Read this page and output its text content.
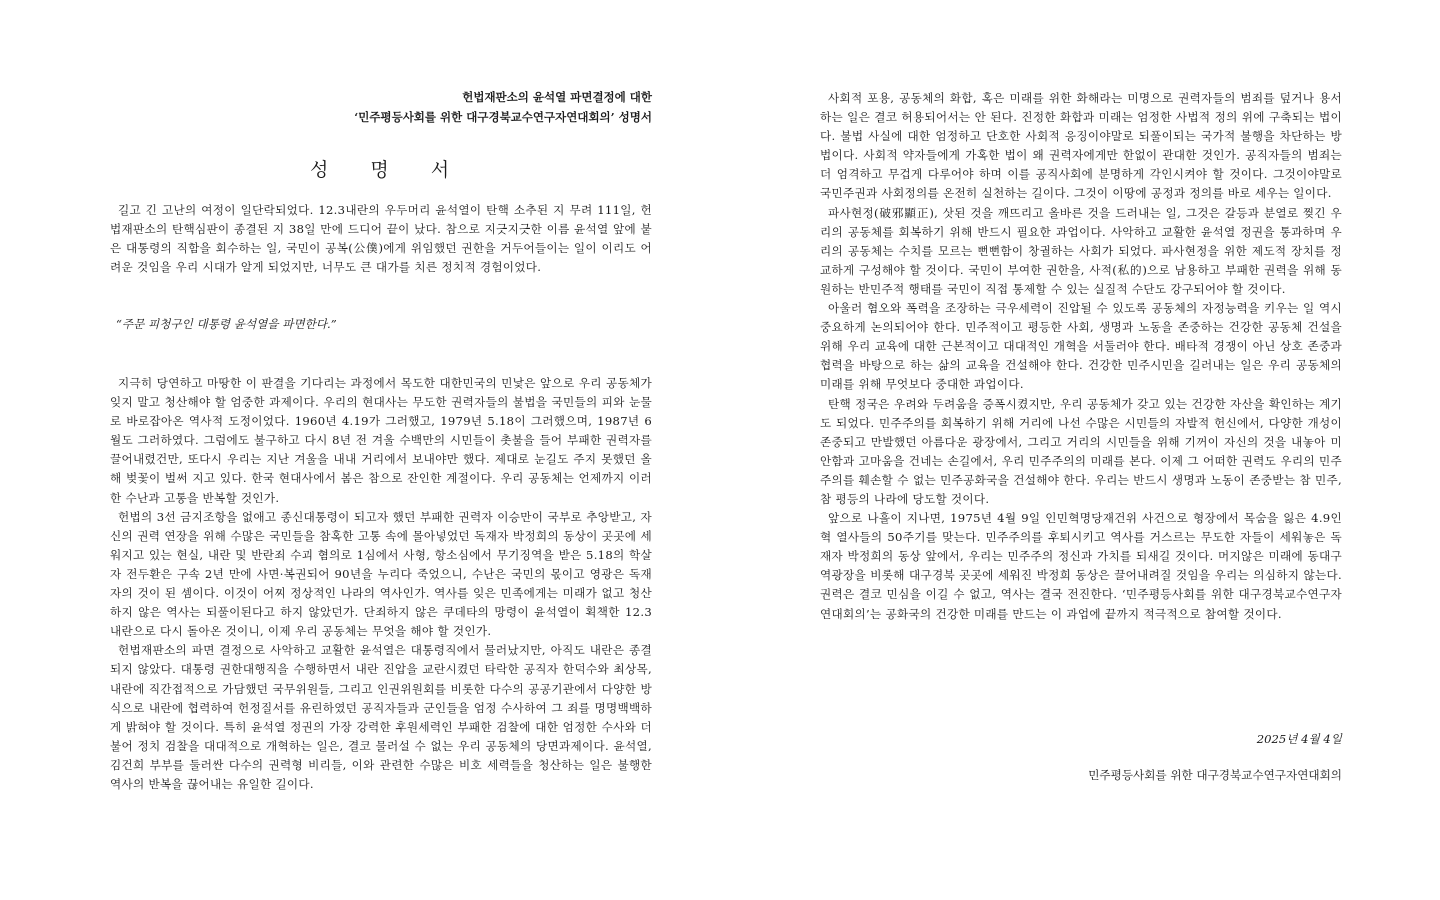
헌법재판소의 윤석열 파면결정에 대한
‘민주평등사회를 위한 대구경북교수연구자연대회의’ 성명서
성 명 서

길고 긴 고난의 여정이 일단락되었다. 12.3내란의 우두머리 윤석열이 탄핵 소추된 지 무려 111일, 헌법재판소의 탄핵심판이 종결된 지 38일 만에 드디어 끝이 났다. 참으로 지긋지긋한 이름 윤석열 앞에 붙은 대통령의 직함을 회수하는 일, 국민이 공복(公僕)에게 위임했던 권한을 거두어들이는 일이 이리도 어려운 것임을 우리 시대가 알게 되었지만, 너무도 큰 대가를 치른 정치적 경험이었다.

“주문 피청구인 대통령 윤석열을 파면한다.”

지극히 당연하고 마땅한 이 판결을 기다리는 과정에서 목도한 대한민국의 민낯은 앞으로 우리 공동체가 잊지 말고 청산해야 할 엄중한 과제이다. 우리의 현대사는 무도한 권력자들의 불법을 국민들의 피와 눈물로 바로잡아온 역사적 도정이었다. 1960년 4.19가 그러했고, 1979년 5.18이 그러했으며, 1987년 6월도 그러하였다. 그럼에도 불구하고 다시 8년 전 겨울 수백만의 시민들이 촛불을 들어 부패한 권력자를 끌어내렸건만, 또다시 우리는 지난 겨울을 내내 거리에서 보내야만 했다. 제대로 눈길도 주지 못했던 올해 벚꽃이 벌써 지고 있다. 한국 현대사에서 봄은 참으로 잔인한 계절이다. 우리 공동체는 언제까지 이러한 수난과 고통을 반복할 것인가.

헌법의 3선 금지조항을 없애고 종신대통령이 되고자 했던 부패한 권력자 이승만이 국부로 추앙받고, 자신의 권력 연장을 위해 수많은 국민들을 참혹한 고통 속에 몰아넣었던 독재자 박정희의 동상이 곳곳에 세워지고 있는 현실, 내란 및 반란죄 수괴 혐의로 1심에서 사형, 항소심에서 무기징역을 받은 5.18의 학살자 전두환은 구속 2년 만에 사면·복권되어 90년을 누리다 죽었으니, 수난은 국민의 몫이고 영광은 독재자의 것이 된 셈이다. 이것이 어찌 정상적인 나라의 역사인가. 역사를 잊은 민족에게는 미래가 없고 청산하지 않은 역사는 되풀이된다고 하지 않았던가. 단죄하지 않은 쿠데타의 망령이 윤석열이 획책한 12.3 내란으로 다시 돌아온 것이니, 이제 우리 공동체는 무엇을 해야 할 것인가.

헌법재판소의 파면 결정으로 사악하고 교활한 윤석열은 대통령직에서 물러났지만, 아직도 내란은 종결되지 않았다. 대통령 권한대행직을 수행하면서 내란 진압을 교란시켰던 타락한 공직자 한덕수와 최상목, 내란에 직간접적으로 가담했던 국무위원들, 그리고 인권위원회를 비롯한 다수의 공공기관에서 다양한 방식으로 내란에 협력하여 헌정질서를 유린하였던 공직자들과 군인들을 엄정 수사하여 그 죄를 명명백백하게 밝혀야 할 것이다. 특히 윤석열 정권의 가장 강력한 후원세력인 부패한 검찰에 대한 엄정한 수사와 더불어 정치 검찰을 대대적으로 개혁하는 일은, 결코 물러설 수 없는 우리 공동체의 당면과제이다. 윤석열, 김건희 부부를 둘러싼 다수의 권력형 비리들, 이와 관련한 수많은 비호 세력들을 청산하는 일은 불행한 역사의 반복을 끊어내는 유일한 길이다.

사회적 포용, 공동체의 화합, 혹은 미래를 위한 화해라는 미명으로 권력자들의 범죄를 덮거나 용서하는 일은 결코 허용되어서는 안 된다. 진정한 화합과 미래는 엄정한 사법적 정의 위에 구축되는 법이다. 불법 사실에 대한 엄정하고 단호한 사회적 응징이야말로 되풀이되는 국가적 불행을 차단하는 방법이다. 사회적 약자들에게 가혹한 법이 왜 권력자에게만 한없이 관대한 것인가. 공직자들의 범죄는 더 엄격하고 무겁게 다루어야 하며 이를 공직사회에 분명하게 각인시켜야 할 것이다. 그것이야말로 국민주권과 사회정의를 온전히 실천하는 길이다. 그것이 이땅에 공정과 정의를 바로 세우는 일이다.

파사현정(破邪顯正), 삿된 것을 깨뜨리고 올바른 것을 드러내는 일, 그것은 갈등과 분열로 찢긴 우리의 공동체를 회복하기 위해 반드시 필요한 과업이다. 사악하고 교활한 윤석열 정권을 통과하며 우리의 공동체는 수치를 모르는 뻔뻔함이 창궐하는 사회가 되었다. 파사현정을 위한 제도적 장치를 정교하게 구성해야 할 것이다. 국민이 부여한 권한을, 사적(私的)으로 남용하고 부패한 권력을 위해 동원하는 반민주적 행태를 국민이 직접 통제할 수 있는 실질적 수단도 강구되어야 할 것이다.

아울러 혐오와 폭력을 조장하는 극우세력이 진압될 수 있도록 공동체의 자정능력을 키우는 일 역시 중요하게 논의되어야 한다. 민주적이고 평등한 사회, 생명과 노동을 존중하는 건강한 공동체 건설을 위해 우리 교육에 대한 근본적이고 대대적인 개혁을 서둘러야 한다. 배타적 경쟁이 아닌 상호 존중과 협력을 바탕으로 하는 삶의 교육을 건설해야 한다. 건강한 민주시민을 길러내는 일은 우리 공동체의 미래를 위해 무엇보다 중대한 과업이다.

탄핵 정국은 우려와 두려움을 증폭시켰지만, 우리 공동체가 갖고 있는 건강한 자산을 확인하는 계기도 되었다. 민주주의를 회복하기 위해 거리에 나선 수많은 시민들의 자발적 헌신에서, 다양한 개성이 존중되고 만발했던 아름다운 광장에서, 그리고 거리의 시민들을 위해 기꺼이 자신의 것을 내놓아 미안함과 고마움을 건네는 손길에서, 우리 민주주의의 미래를 본다. 이제 그 어떠한 권력도 우리의 민주주의를 훼손할 수 없는 민주공화국을 건설해야 한다. 우리는 반드시 생명과 노동이 존중받는 참 민주, 참 평등의 나라에 당도할 것이다.

앞으로 나흘이 지나면, 1975년 4월 9일 인민혁명당재건위 사건으로 형장에서 목숨을 잃은 4.9인혁 열사들의 50주기를 맞는다. 민주주의를 후퇴시키고 역사를 거스르는 무도한 자들이 세워놓은 독재자 박정희의 동상 앞에서, 우리는 민주주의 정신과 가치를 되새길 것이다. 머지않은 미래에 동대구역광장을 비롯해 대구경북 곳곳에 세워진 박정희 동상은 끌어내려질 것임을 우리는 의심하지 않는다. 권력은 결코 민심을 이길 수 없고, 역사는 결국 전진한다. ‘민주평등사회를 위한 대구경북교수연구자 연대회의’는 공화국의 건강한 미래를 만드는 이 과업에 끝까지 적극적으로 참여할 것이다.

2025년 4월 4일
민주평등사회를 위한 대구경북교수연구자연대회의
